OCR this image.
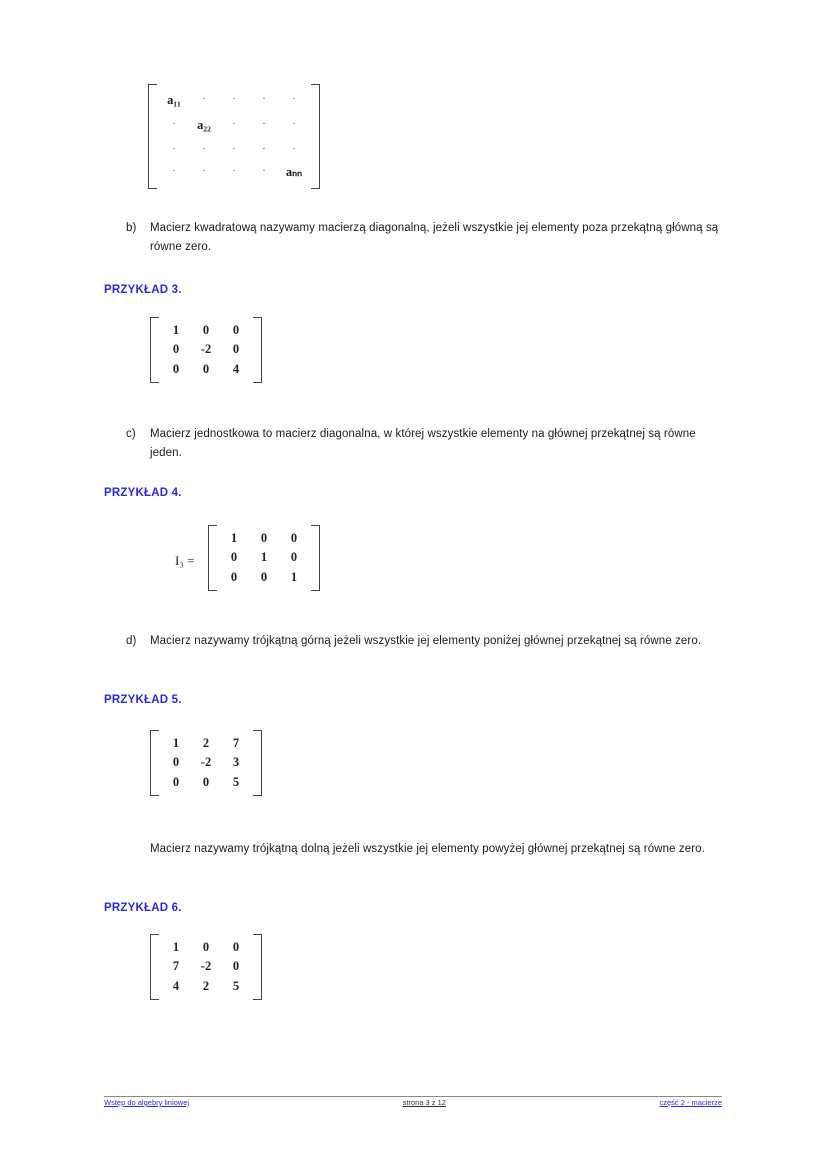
a₁₁	·	·	·	·
·	a₂₂	·	·	·
·	·	·	·	·
·	·	·	·	aₙₙ
b) Macierz kwadratową nazywamy macierzą diagonalną, jeżeli wszystkie jej elementy poza przekątną główną są równe zero.
PRZYKŁAD 3.
1	0	0
0	-2	0
0	0	4
c) Macierz jednostkowa to macierz diagonalna, w której wszystkie elementy na głównej przekątnej są równe jeden.
PRZYKŁAD 4.
I₃ =
1	0	0
0	1	0
0	0	1
d) Macierz nazywamy trójkątną górną jeżeli wszystkie jej elementy poniżej głównej przekątnej są równe zero.
PRZYKŁAD 5.
1	2	7
0	-2	3
0	0	5
Macierz nazywamy trójkątną dolną jeżeli wszystkie jej elementy powyżej głównej przekątnej są równe zero.
PRZYKŁAD 6.
1	0	0
7	-2	0
4	2	5
Wstęp do algebry liniowej	strona 3 z 12	część 2 - macierze
